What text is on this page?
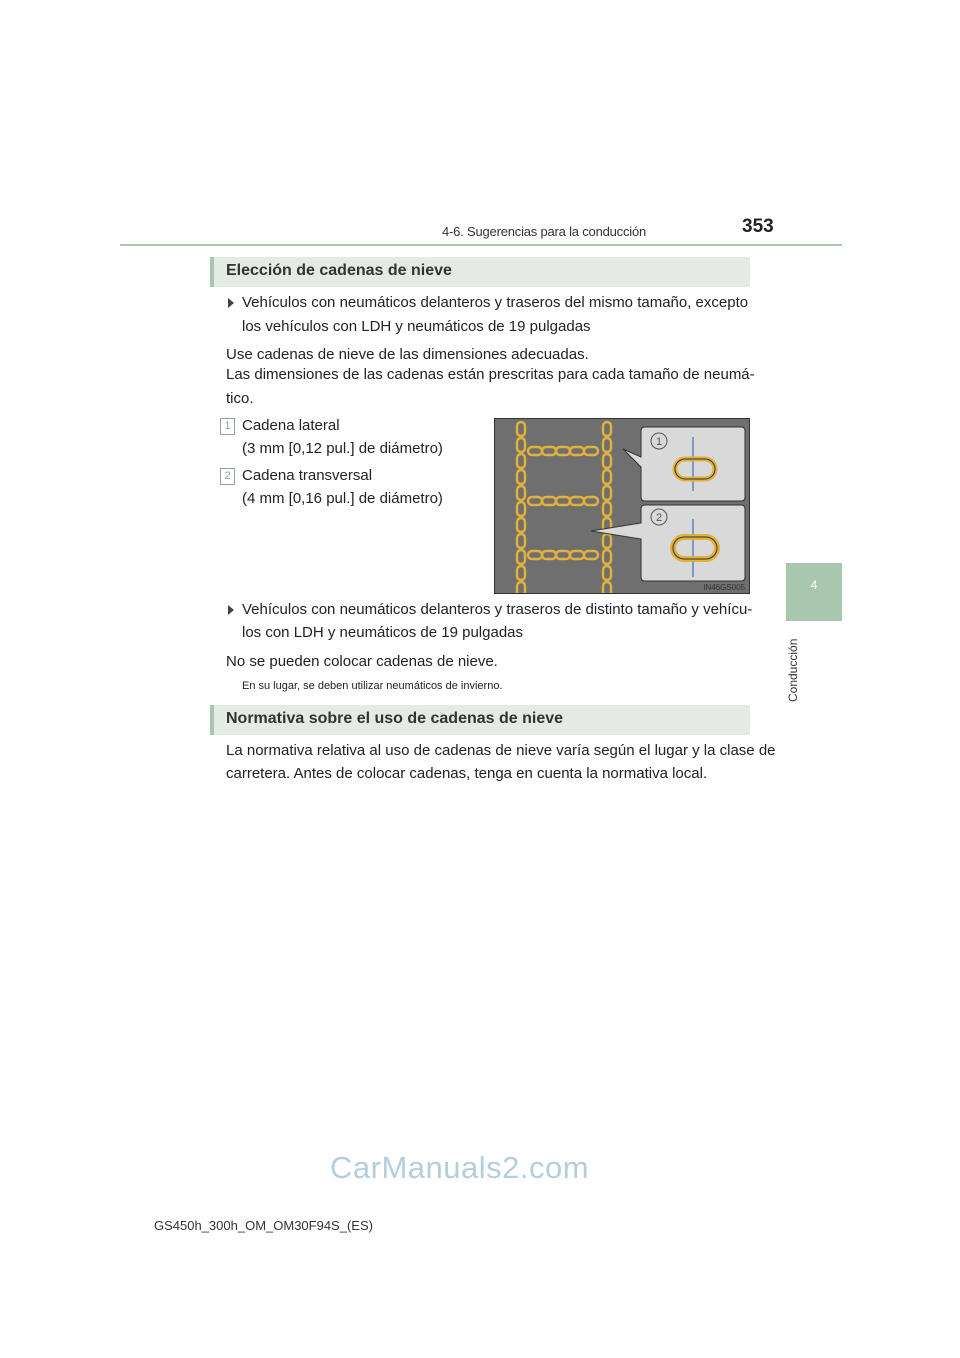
4-6. Sugerencias para la conducción	353
4
Conducción
Elección de cadenas de nieve
Vehículos con neumáticos delanteros y traseros del mismo tamaño, excepto
los vehículos con LDH y neumáticos de 19 pulgadas
Use cadenas de nieve de las dimensiones adecuadas.
Las dimensiones de las cadenas están prescritas para cada tamaño de neumá-
tico.
1 Cadena lateral
(3 mm [0,12 pul.] de diámetro)
2 Cadena transversal
(4 mm [0,16 pul.] de diámetro)
1
2
IN46GS005
Vehículos con neumáticos delanteros y traseros de distinto tamaño y vehícu-
los con LDH y neumáticos de 19 pulgadas
No se pueden colocar cadenas de nieve.
En su lugar, se deben utilizar neumáticos de invierno.
Normativa sobre el uso de cadenas de nieve
La normativa relativa al uso de cadenas de nieve varía según el lugar y la clase de
carretera. Antes de colocar cadenas, tenga en cuenta la normativa local.
CarManuals2.com
GS450h_300h_OM_OM30F94S_(ES)
